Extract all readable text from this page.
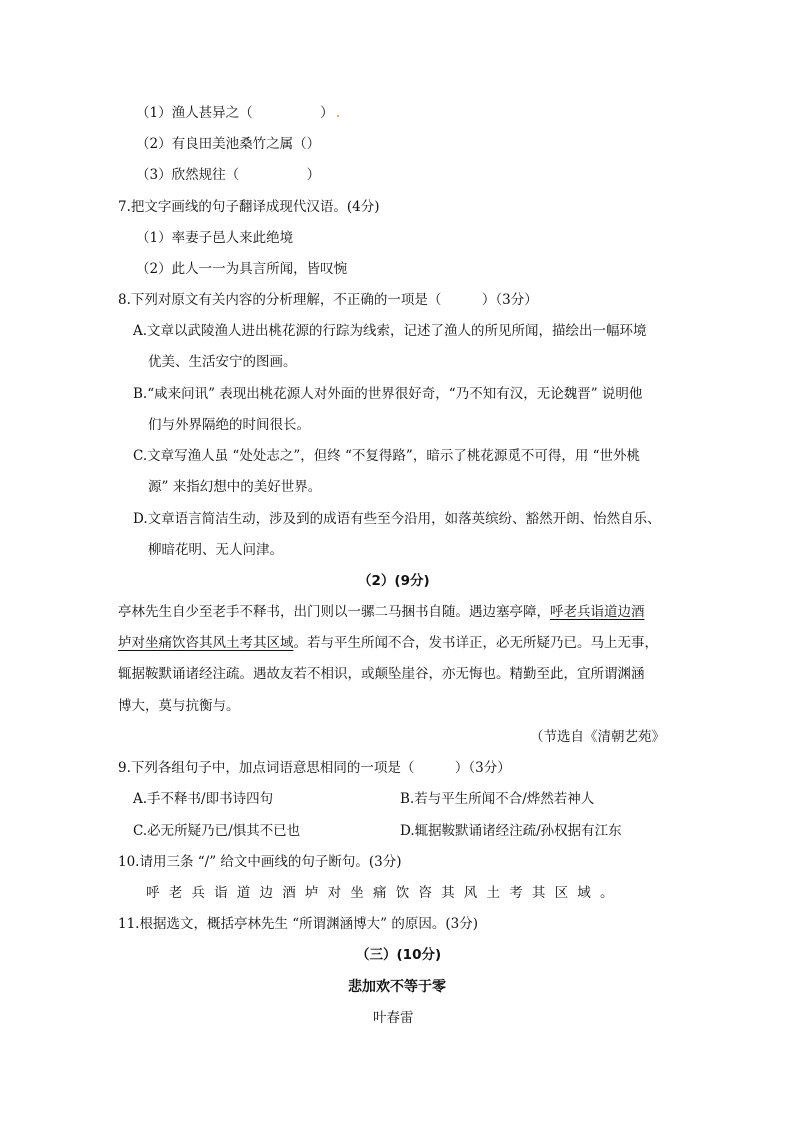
（1）渔人甚异之（　　　　　）
（2）有良田美池桑竹之属（）
（3）欣然规往（　　　　　）
7.把文字画线的句子翻译成现代汉语。(4分)
（1）率妻子邑人来此绝境
（2）此人一一为具言所闻，皆叹惋
8.下列对原文有关内容的分析理解，不正确的一项是（　　　）（3分）
A.文章以武陵渔人进出桃花源的行踪为线索，记述了渔人的所见所闻，描绘出一幅环境
优美、生活安宁的图画。
B.“咸来问讯” 表现出桃花源人对外面的世界很好奇，“乃不知有汉，无论魏晋” 说明他
们与外界隔绝的时间很长。
C.文章写渔人虽 “处处志之”，但终 “不复得路”，暗示了桃花源觅不可得，用 “世外桃
源” 来指幻想中的美好世界。
D.文章语言简洁生动，涉及到的成语有些至今沿用，如落英缤纷、豁然开朗、怡然自乐、
柳暗花明、无人问津。
（2）(9分)
亭林先生自少至老手不释书，出门则以一骡二马捆书自随。遇边塞亭障，呼老兵诣道边酒
垆对坐痛饮咨其风土考其区域。若与平生所闻不合，发书详正，必无所疑乃已。马上无事，
辄据鞍默诵诸经注疏。遇故友若不相识，或颠坠崖谷，亦无悔也。精勤至此，宜所谓渊涵
博大，莫与抗衡与。
（节选自《清朝艺苑》
9.下列各组句子中，加点词语意思相同的一项是（　　　）（3分）
A.手不释书/即书诗四句	B.若与平生所闻不合/烨然若神人
C.必无所疑乃已/惧其不已也	D.辄据鞍默诵诸经注疏/孙权据有江东
10.请用三条 “/” 给文中画线的句子断句。(3分)
呼老兵诣道边酒垆对坐痛饮咨其风土考其区域。
11.根据选文，概括亭林先生 “所谓渊涵博大” 的原因。(3分)
（三）(10分)
悲加欢不等于零
叶春雷
